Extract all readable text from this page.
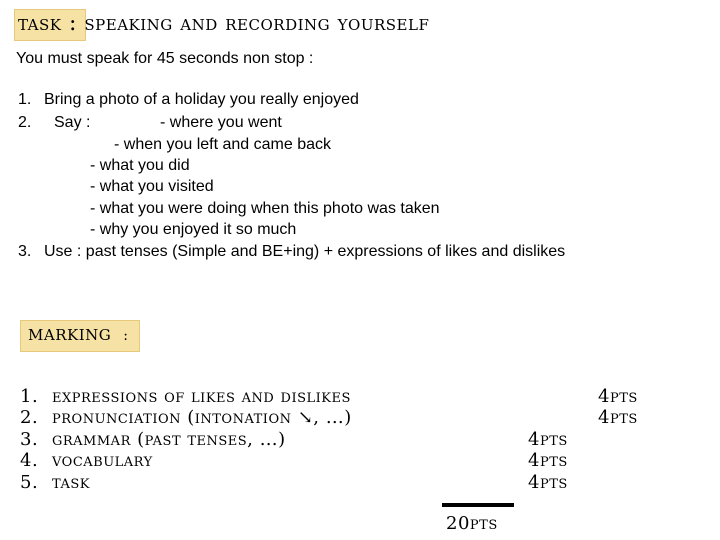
task : speaking and recording yourself
You must speak for 45 seconds non stop :
1. Bring a photo of a holiday you really enjoyed
2. Say :	- where you went
- when you left and came back
- what you did
- what you visited
- what you were doing when this photo was taken
- why you enjoyed it so much
3. Use : past tenses (Simple and BE+ing) + expressions of likes and dislikes
marking :
1. expressions of likes and dislikes	4pts
2. pronunciation (intonation ↘, …)	4pts
3. grammar (past tenses, …)	4pts
4. vocabulary	4pts
5. task	4pts
20pts
